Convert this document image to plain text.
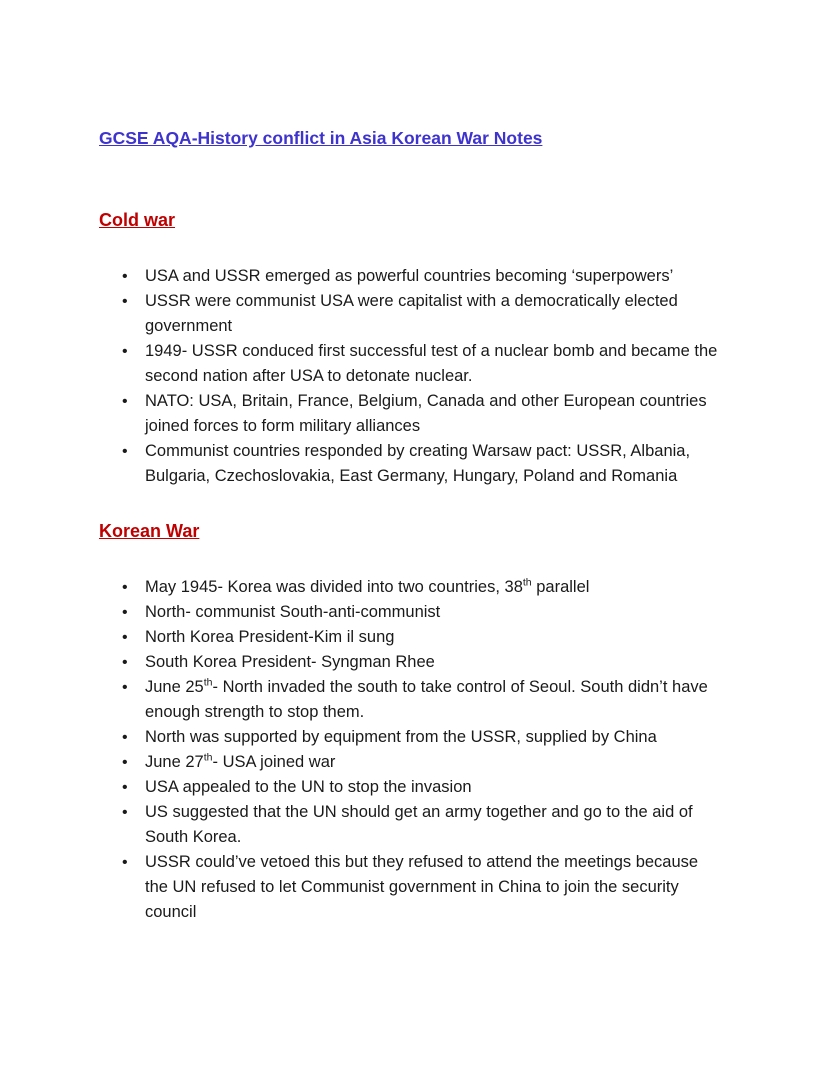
GCSE AQA-History conflict in Asia Korean War Notes
Cold war
•	USA and USSR emerged as powerful countries becoming ‘superpowers’
•	USSR were communist USA were capitalist with a democratically elected government
•	1949- USSR conduced first successful test of a nuclear bomb and became the second nation after USA to detonate nuclear.
•	NATO: USA, Britain, France, Belgium, Canada and other European countries joined forces to form military alliances
•	Communist countries responded by creating Warsaw pact: USSR, Albania, Bulgaria, Czechoslovakia, East Germany, Hungary, Poland and Romania
Korean War
•	May 1945- Korea was divided into two countries, 38th parallel
•	North- communist South-anti-communist
•	North Korea President-Kim il sung
•	South Korea President- Syngman Rhee
•	June 25th- North invaded the south to take control of Seoul. South didn’t have enough strength to stop them.
•	North was supported by equipment from the USSR, supplied by China
•	June 27th- USA joined war
•	USA appealed to the UN to stop the invasion
•	US suggested that the UN should get an army together and go to the aid of South Korea.
•	USSR could’ve vetoed this but they refused to attend the meetings because the UN refused to let Communist government in China to join the security council
